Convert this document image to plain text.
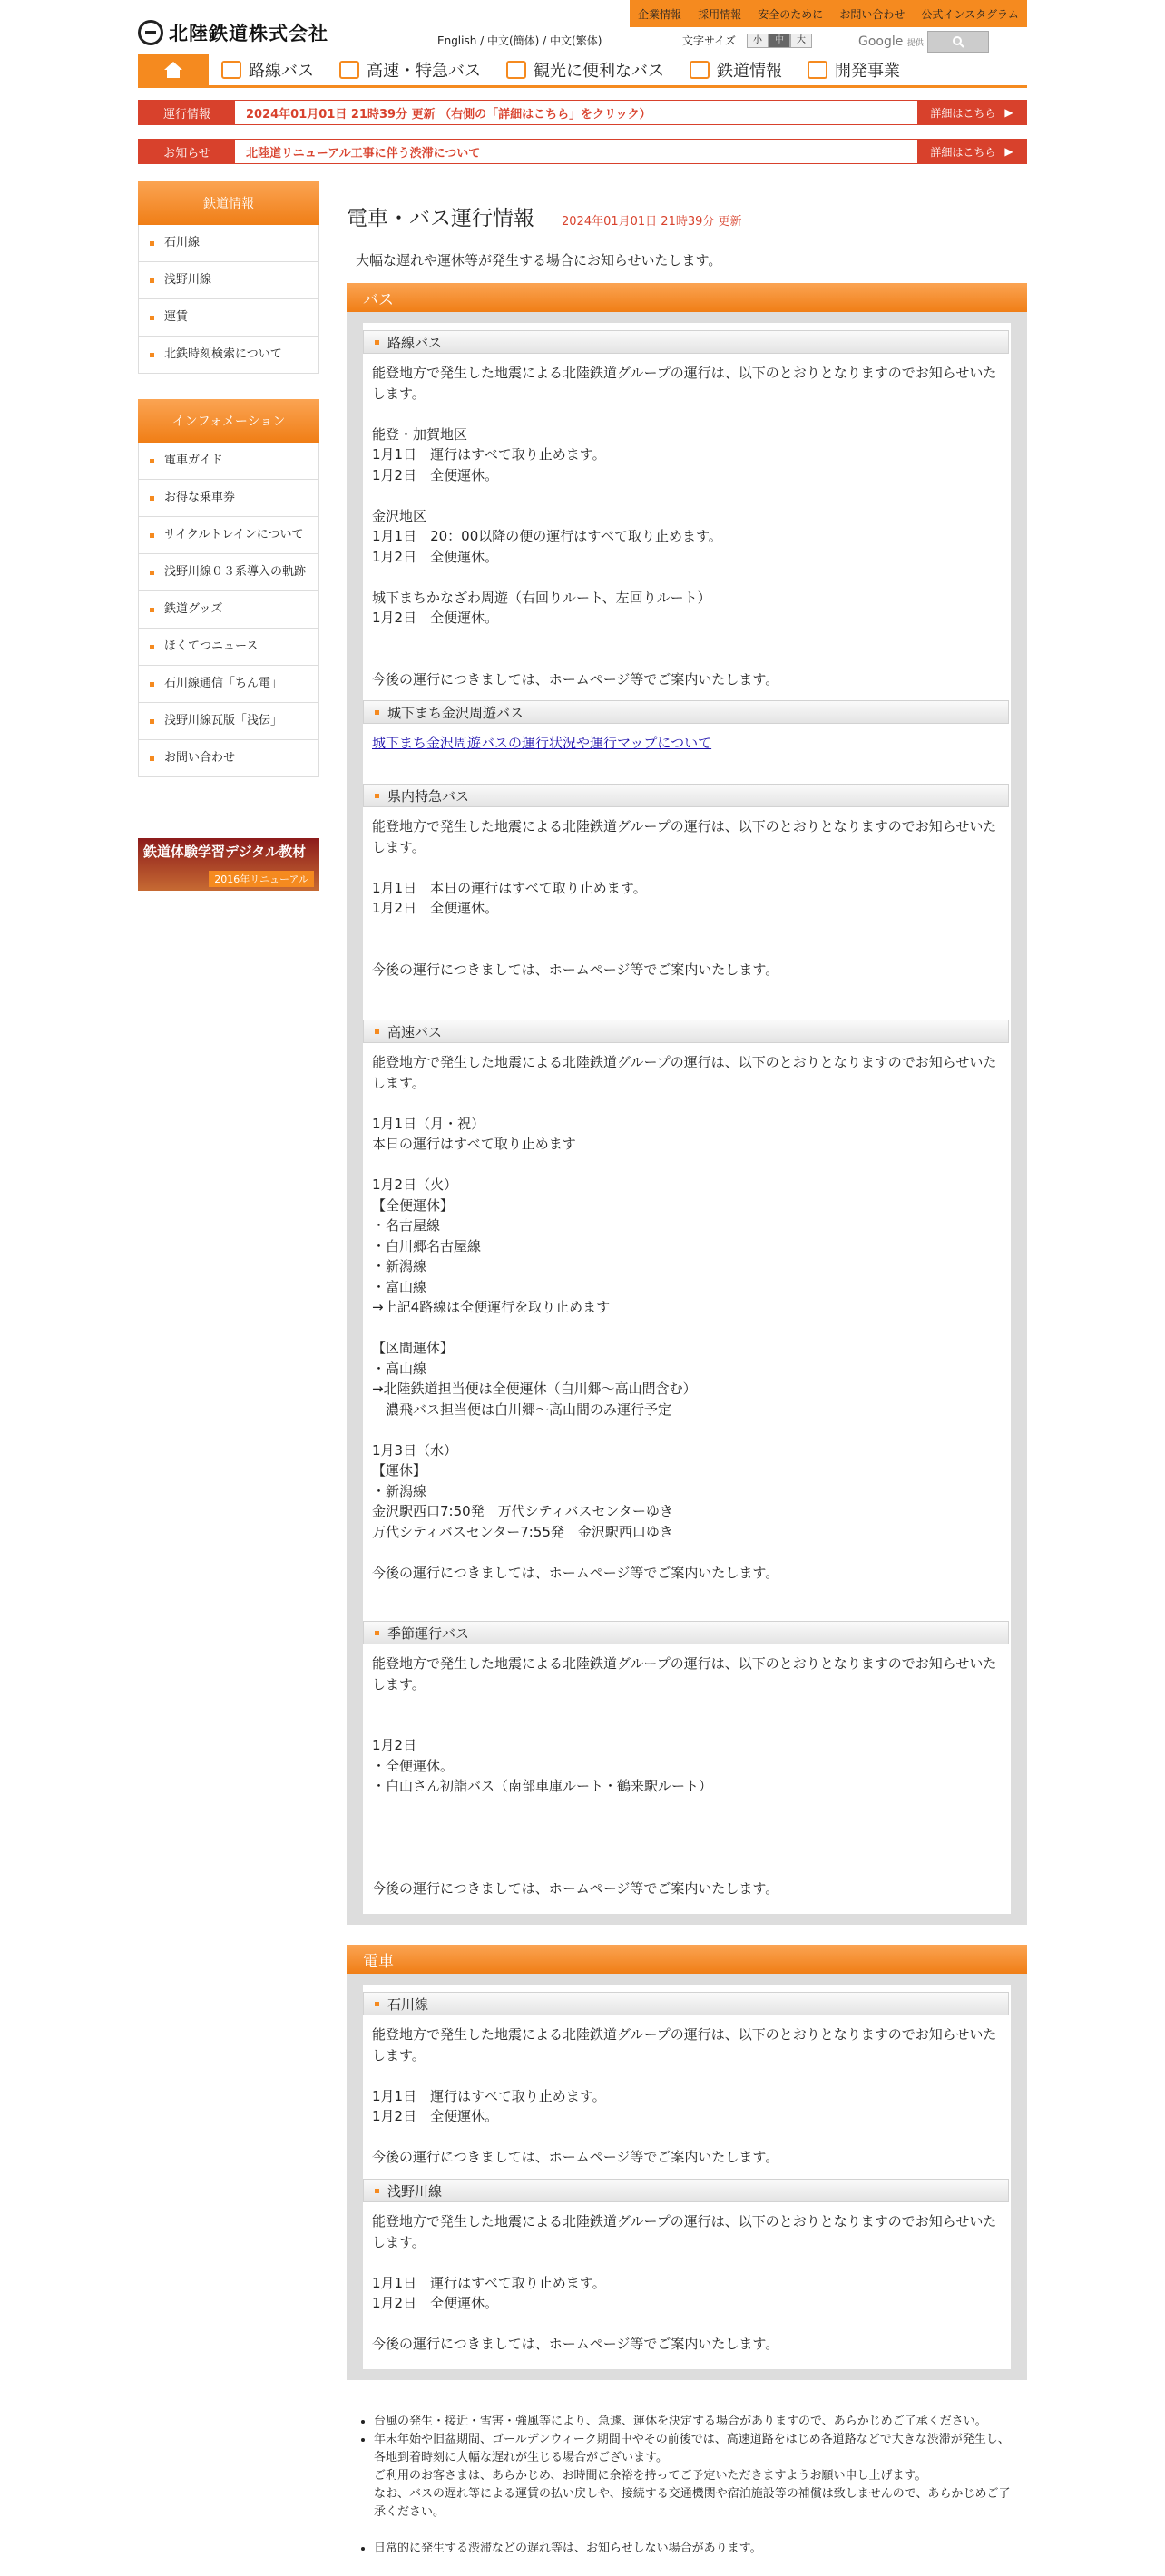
北陸鉄道株式会社
企業情報 採用情報 安全のために お問い合わせ 公式インスタグラム
English / 中文(簡体) / 中文(繁体)	文字サイズ	小	中	大	Google 提供
路線バス	高速・特急バス	観光に便利なバス	鉄道情報	開発事業
運行情報	2024年01月01日 21時39分 更新 （右側の「詳細はこちら」をクリック）	詳細はこちら ▶
お知らせ	北陸道リニューアル工事に伴う渋滞について	詳細はこちら ▶
鉄道情報
石川線
浅野川線
運賃
北鉄時刻検索について
インフォメーション
電車ガイド
お得な乗車券
サイクルトレインについて
浅野川線０３系導入の軌跡
鉄道グッズ
ほくてつニュース
石川線通信「ちん電」
浅野川線瓦版「浅伝」
お問い合わせ
鉄道体験学習デジタル教材
2016年リニューアル
電車・バス運行情報 2024年01月01日 21時39分 更新
大幅な遅れや運休等が発生する場合にお知らせいたします。
バス
路線バス
能登地方で発生した地震による北陸鉄道グループの運行は、以下のとおりとなりますのでお知らせいたします。

能登・加賀地区
1月1日　運行はすべて取り止めます。
1月2日　全便運休。

金沢地区
1月1日　20：00以降の便の運行はすべて取り止めます。
1月2日　全便運休。

城下まちかなざわ周遊（右回りルート、左回りルート）
1月2日　全便運休。

今後の運行につきましては、ホームページ等でご案内いたします。
城下まち金沢周遊バス
城下まち金沢周遊バスの運行状況や運行マップについて
県内特急バス
能登地方で発生した地震による北陸鉄道グループの運行は、以下のとおりとなりますのでお知らせいたします。

1月1日　本日の運行はすべて取り止めます。
1月2日　全便運休。

今後の運行につきましては、ホームページ等でご案内いたします。
高速バス
能登地方で発生した地震による北陸鉄道グループの運行は、以下のとおりとなりますのでお知らせいたします。

1月1日（月・祝）
本日の運行はすべて取り止めます

1月2日（火）
【全便運休】
・名古屋線
・白川郷名古屋線
・新潟線
・富山線
→上記4路線は全便運行を取り止めます

【区間運休】
・高山線
→北陸鉄道担当便は全便運休（白川郷～高山間含む）
　濃飛バス担当便は白川郷～高山間のみ運行予定

1月3日（水）
【運休】
・新潟線
金沢駅西口7:50発　万代シティバスセンターゆき
万代シティバスセンター7:55発　金沢駅西口ゆき

今後の運行につきましては、ホームページ等でご案内いたします。
季節運行バス
能登地方で発生した地震による北陸鉄道グループの運行は、以下のとおりとなりますのでお知らせいたします。

1月2日
・全便運休。
・白山さん初詣バス（南部車庫ルート・鶴来駅ルート）

今後の運行につきましては、ホームページ等でご案内いたします。
電車
石川線
能登地方で発生した地震による北陸鉄道グループの運行は、以下のとおりとなりますのでお知らせいたします。

1月1日　運行はすべて取り止めます。
1月2日　全便運休。

今後の運行につきましては、ホームページ等でご案内いたします。
浅野川線
能登地方で発生した地震による北陸鉄道グループの運行は、以下のとおりとなりますのでお知らせいたします。

1月1日　運行はすべて取り止めます。
1月2日　全便運休。

今後の運行につきましては、ホームページ等でご案内いたします。
• 台風の発生・接近・雪害・強風等により、急遽、運休を決定する場合がありますので、あらかじめご了承ください。
• 年末年始や旧盆期間、ゴールデンウィーク期間中やその前後では、高速道路をはじめ各道路などで大きな渋滞が発生し、各地到着時刻に大幅な遅れが生じる場合がございます。
ご利用のお客さまは、あらかじめ、お時間に余裕を持ってご予定いただきますようお願い申し上げます。
なお、バスの遅れ等による運賃の払い戻しや、接続する交通機関や宿泊施設等の補償は致しませんので、あらかじめご了承ください。
• 日常的に発生する渋滞などの遅れ等は、お知らせしない場合があります。
